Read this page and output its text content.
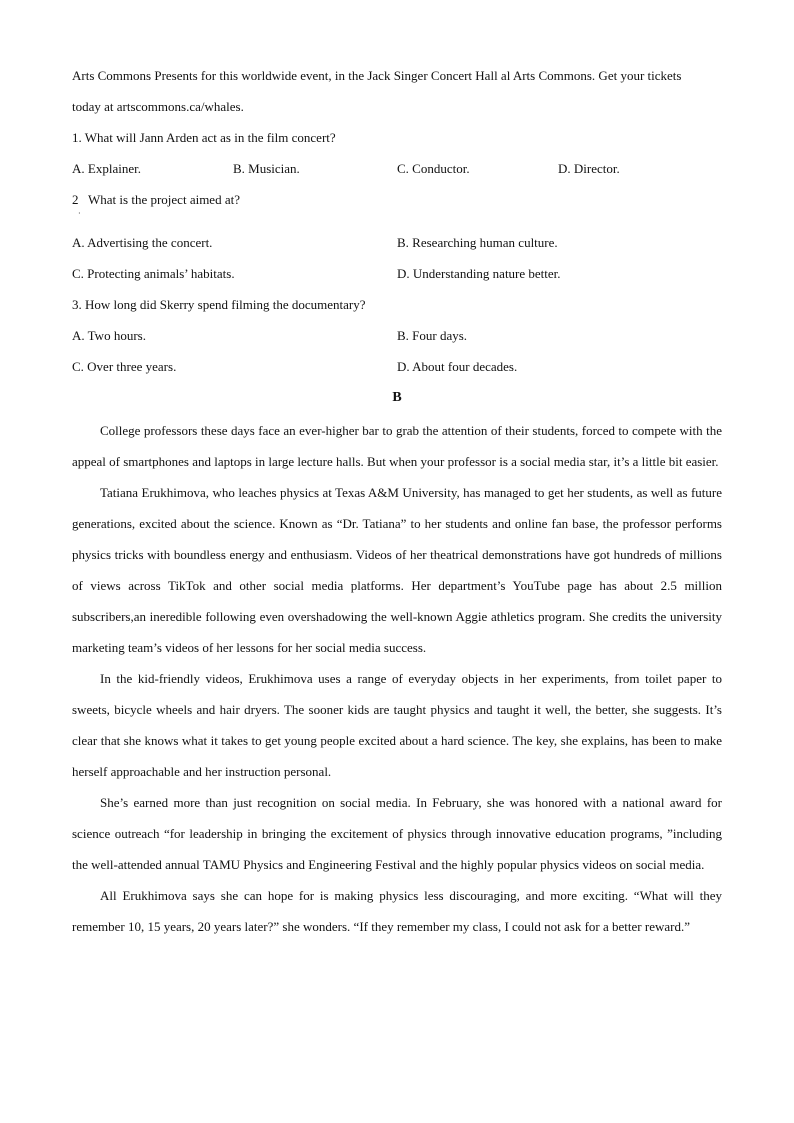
Arts Commons Presents for this worldwide event, in the Jack Singer Concert Hall al Arts Commons. Get your tickets
today at artscommons.ca/whales.
1. What will Jann Arden act as in the film concert?
A. Explainer.	B. Musician.	C. Conductor.	D. Director.
2   What is the project aimed at?
·
A. Advertising the concert.	B. Researching human culture.
C. Protecting animals’ habitats.	D. Understanding nature better.
3. How long did Skerry spend filming the documentary?
A. Two hours.	B. Four days.
C. Over three years.	D. About four decades.
B

College professors these days face an ever-higher bar to grab the attention of their students, forced to compete with the appeal of smartphones and laptops in large lecture halls. But when your professor is a social media star, it’s a little bit easier.

Tatiana Erukhimova, who leaches physics at Texas A&M University, has managed to get her students, as well as future generations, excited about the science. Known as “Dr. Tatiana” to her students and online fan base, the professor performs physics tricks with boundless energy and enthusiasm. Videos of her theatrical demonstrations have got hundreds of millions of views across TikTok and other social media platforms. Her department’s YouTube page has about 2.5 million subscribers,an ineredible following even overshadowing the well-known Aggie athletics program. She credits the university marketing team’s videos of her lessons for her social media success.

In the kid-friendly videos, Erukhimova uses a range of everyday objects in her experiments, from toilet paper to sweets, bicycle wheels and hair dryers. The sooner kids are taught physics and taught it well, the better, she suggests. It’s clear that she knows what it takes to get young people excited about a hard science. The key, she explains, has been to make herself approachable and her instruction personal.

She’s earned more than just recognition on social media. In February, she was honored with a national award for science outreach “for leadership in bringing the excitement of physics through innovative education programs, ”including the well-attended annual TAMU Physics and Engineering Festival and the highly popular physics videos on social media.

All Erukhimova says she can hope for is making physics less discouraging, and more exciting. “What will they remember 10, 15 years, 20 years later?” she wonders. “If they remember my class, I could not ask for a better reward.”
